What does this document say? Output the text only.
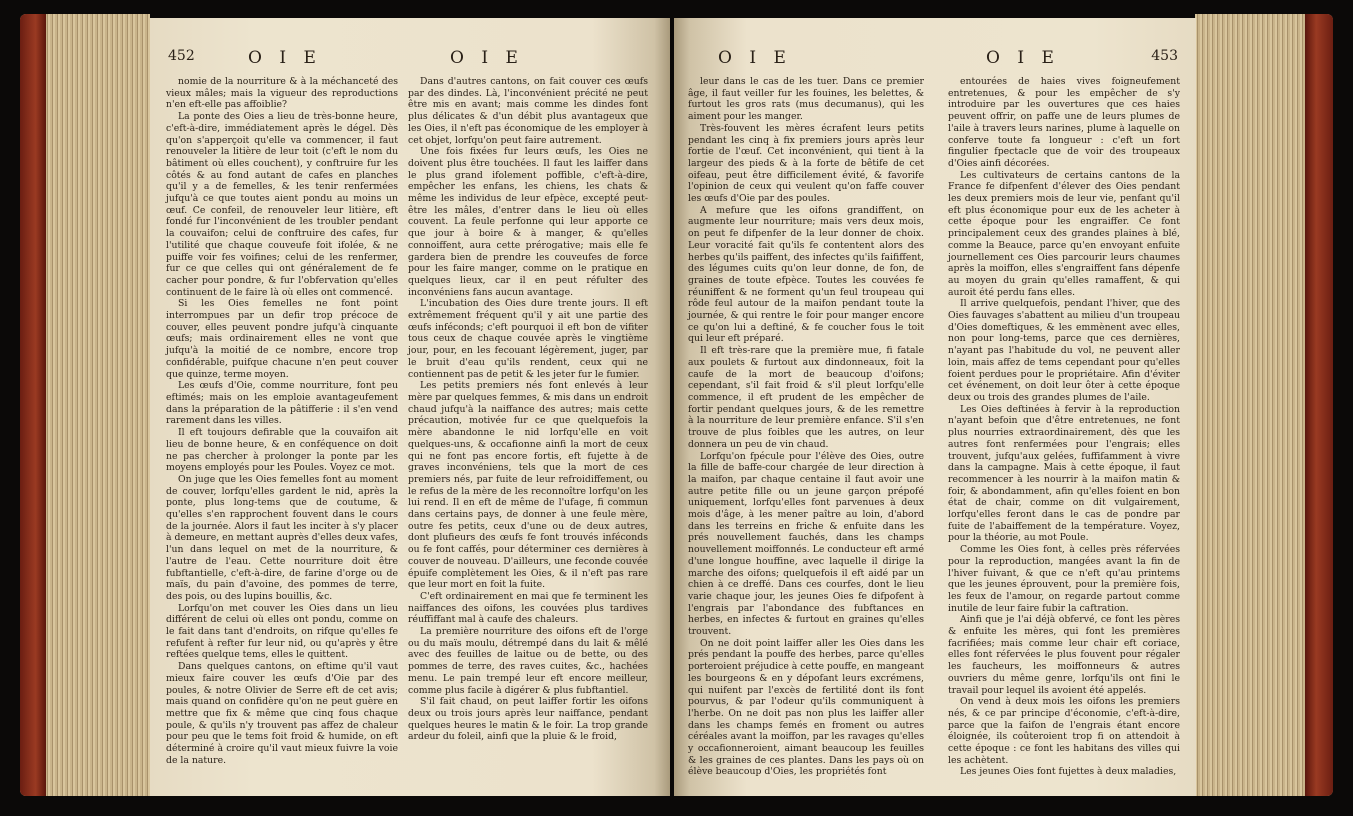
452	O I E	O I E

nomie de la nourriture & à la méchanceté des vieux mâles; mais la vigueur des reproductions n'en eft-elle pas affoiblie?

La ponte des Oies a lieu de très-bonne heure, c'eft-à-dire, immédiatement après le dégel. Dès qu'on s'apperçoit qu'elle va commencer, il faut renouveler la litière de leur toit (c'eft le nom du bâtiment où elles couchent), y conftruire fur les côtés & au fond autant de cafes en planches qu'il y a de femelles, & les tenir renfermées jufqu'à ce que toutes aient pondu au moins un œuf. Ce confeil, de renouveler leur litière, eft fondé fur l'inconvénient de les troubler pendant la couvaifon; celui de conftruire des cafes, fur l'utilité que chaque couveufe foit ifolée, & ne puiffe voir fes voifines; celui de les renfermer, fur ce que celles qui ont généralement de fe cacher pour pondre, & fur l'obfervation qu'elles continuent de le faire là où elles ont commencé.

Si les Oies femelles ne font point interrompues par un defir trop précoce de couver, elles peuvent pondre jufqu'à cinquante œufs; mais ordinairement elles ne vont que jufqu'à la moitié de ce nombre, encore trop confidérable, puifque chacune n'en peut couver que quinze, terme moyen.

Les œufs d'Oie, comme nourriture, font peu eftimés; mais on les emploie avantageufement dans la préparation de la pâtifferie : il s'en vend rarement dans les villes.

Il eft toujours defirable que la couvaifon ait lieu de bonne heure, & en conféquence on doit ne pas chercher à prolonger la ponte par les moyens employés pour les Poules. Voyez ce mot.

On juge que les Oies femelles font au moment de couver, lorfqu'elles gardent le nid, après la ponte, plus long-tems que de coutume, & qu'elles s'en rapprochent fouvent dans le cours de la journée. Alors il faut les inciter à s'y placer à demeure, en mettant auprès d'elles deux vafes, l'un dans lequel on met de la nourriture, & l'autre de l'eau. Cette nourriture doit être fubftantielle, c'eft-à-dire, de farine d'orge ou de maïs, du pain d'avoine, des pommes de terre, des pois, ou des lupins bouillis, &c.

Lorfqu'on met couver les Oies dans un lieu différent de celui où elles ont pondu, comme on le fait dans tant d'endroits, on rifque qu'elles fe refufent à refter fur leur nid, ou qu'après y être reftées quelque tems, elles le quittent.

Dans quelques cantons, on eftime qu'il vaut mieux faire couver les œufs d'Oie par des poules, & notre Olivier de Serre eft de cet avis; mais quand on confidère qu'on ne peut guère en mettre que fix & même que cinq fous chaque poule, & qu'ils n'y trouvent pas affez de chaleur pour peu que le tems foit froid & humide, on eft déterminé à croire qu'il vaut mieux fuivre la voie de la nature.

Dans d'autres cantons, on fait couver ces œufs par des dindes. Là, l'inconvénient précité ne peut être mis en avant; mais comme les dindes font plus délicates & d'un débit plus avantageux que les Oies, il n'eft pas économique de les employer à cet objet, lorfqu'on peut faire autrement.

Une fois fixées fur leurs œufs, les Oies ne doivent plus être touchées. Il faut les laiffer dans le plus grand ifolement poffible, c'eft-à-dire, empêcher les enfans, les chiens, les chats & même les individus de leur efpèce, excepté peut-être les mâles, d'entrer dans le lieu où elles couvent. La feule perfonne qui leur apporte ce que jour à boire & à manger, & qu'elles connoiffent, aura cette prérogative; mais elle fe gardera bien de prendre les couveufes de force pour les faire manger, comme on le pratique en quelques lieux, car il en peut réfulter des inconvéniens fans aucun avantage.

L'incubation des Oies dure trente jours. Il eft extrêmement fréquent qu'il y ait une partie des œufs inféconds; c'eft pourquoi il eft bon de vifiter tous ceux de chaque couvée après le vingtième jour, pour, en les fecouant légèrement, juger, par le bruit d'eau qu'ils rendent, ceux qui ne contiennent pas de petit & les jeter fur le fumier.

Les petits premiers nés font enlevés à leur mère par quelques femmes, & mis dans un endroit chaud jufqu'à la naiffance des autres; mais cette précaution, motivée fur ce que quelquefois la mère abandonne le nid lorfqu'elle en voit quelques-uns, & occafionne ainfi la mort de ceux qui ne font pas encore fortis, eft fujette à de graves inconvéniens, tels que la mort de ces premiers nés, par fuite de leur refroidiffement, ou le refus de la mère de les reconnoître lorfqu'on les lui rend. Il en eft de même de l'ufage, fi commun dans certains pays, de donner à une feule mère, outre fes petits, ceux d'une ou de deux autres, dont plufieurs des œufs fe font trouvés inféconds ou fe font caffés, pour déterminer ces dernières à couver de nouveau. D'ailleurs, une feconde couvée épuife complètement les Oies, & il n'eft pas rare que leur mort en foit la fuite.

C'eft ordinairement en mai que fe terminent les naiffances des oifons, les couvées plus tardives réuffiffant mal à caufe des chaleurs.

La première nourriture des oifons eft de l'orge ou du maïs moulu, détrempé dans du lait & mêlé avec des feuilles de laitue ou de bette, ou des pommes de terre, des raves cuites, &c., hachées menu. Le pain trempé leur eft encore meilleur, comme plus facile à digérer & plus fubftantiel.

S'il fait chaud, on peut laiffer fortir les oifons deux ou trois jours après leur naiffance, pendant quelques heures le matin & le foir. La trop grande ardeur du foleil, ainfi que la pluie & le froid,

O I E	O I E	453

leur dans le cas de les tuer. Dans ce premier âge, il faut veiller fur les fouines, les belettes, & furtout les gros rats (mus decumanus), qui les aiment pour les manger.

Très-fouvent les mères écrafent leurs petits pendant les cinq à fix premiers jours après leur fortie de l'œuf. Cet inconvénient, qui tient à la largeur des pieds & à la forte de bêtife de cet oifeau, peut être difficilement évité, & favorife l'opinion de ceux qui veulent qu'on faffe couver les œufs d'Oie par des poules.

A mefure que les oifons grandiffent, on augmente leur nourriture; mais vers deux mois, on peut fe difpenfer de la leur donner de choix. Leur voracité fait qu'ils fe contentent alors des herbes qu'ils paiffent, des infectes qu'ils faififfent, des légumes cuits qu'on leur donne, de fon, de graines de toute efpèce. Toutes les couvées fe réuniffent & ne forment qu'un feul troupeau qui rôde feul autour de la maifon pendant toute la journée, & qui rentre le foir pour manger encore ce qu'on lui a deftiné, & fe coucher fous le toit qui leur eft préparé.

Il eft très-rare que la première mue, fi fatale aux poulets & furtout aux dindonneaux, foit la caufe de la mort de beaucoup d'oifons; cependant, s'il fait froid & s'il pleut lorfqu'elle commence, il eft prudent de les empêcher de fortir pendant quelques jours, & de les remettre à la nourriture de leur première enfance. S'il s'en trouve de plus foibles que les autres, on leur donnera un peu de vin chaud.

Lorfqu'on fpécule pour l'élève des Oies, outre la fille de baffe-cour chargée de leur direction à la maifon, par chaque centaine il faut avoir une autre petite fille ou un jeune garçon prépofé uniquement, lorfqu'elles font parvenues à deux mois d'âge, à les mener paître au loin, d'abord dans les terreins en friche & enfuite dans les prés nouvellement fauchés, dans les champs nouvellement moiffonnés. Le conducteur eft armé d'une longue houffine, avec laquelle il dirige la marche des oifons; quelquefois il eft aidé par un chien à ce dreffé. Dans ces courfes, dont le lieu varie chaque jour, les jeunes Oies fe difpofent à l'engrais par l'abondance des fubftances en herbes, en infectes & furtout en graines qu'elles trouvent.

On ne doit point laiffer aller les Oies dans les prés pendant la pouffe des herbes, parce qu'elles porteroient préjudice à cette pouffe, en mangeant les bourgeons & en y dépofant leurs excrémens, qui nuifent par l'excès de fertilité dont ils font pourvus, & par l'odeur qu'ils communiquent à l'herbe. On ne doit pas non plus les laiffer aller dans les champs femés en froment ou autres céréales avant la moiffon, par les ravages qu'elles y occafionneroient, aimant beaucoup les feuilles & les graines de ces plantes. Dans les pays où on élève beaucoup d'Oies, les propriétés font

entourées de haies vives foigneufement entretenues, & pour les empêcher de s'y introduire par les ouvertures que ces haies peuvent offrir, on paffe une de leurs plumes de l'aile à travers leurs narines, plume à laquelle on conferve toute fa longueur : c'eft un fort fingulier fpectacle que de voir des troupeaux d'Oies ainfi décorées.

Les cultivateurs de certains cantons de la France fe difpenfent d'élever des Oies pendant les deux premiers mois de leur vie, penfant qu'il eft plus économique pour eux de les acheter à cette époque pour les engraiffer. Ce font principalement ceux des grandes plaines à blé, comme la Beauce, parce qu'en envoyant enfuite journellement ces Oies parcourir leurs chaumes après la moiffon, elles s'engraiffent fans dépenfe au moyen du grain qu'elles ramaffent, & qui auroit été perdu fans elles.

Il arrive quelquefois, pendant l'hiver, que des Oies fauvages s'abattent au milieu d'un troupeau d'Oies domeftiques, & les emmènent avec elles, non pour long-tems, parce que ces dernières, n'ayant pas l'habitude du vol, ne peuvent aller loin, mais affez de tems cependant pour qu'elles foient perdues pour le propriétaire. Afin d'éviter cet événement, on doit leur ôter à cette époque deux ou trois des grandes plumes de l'aile.

Les Oies deftinées à fervir à la reproduction n'ayant befoin que d'être entretenues, ne font plus nourries extraordinairement, dès que les autres font renfermées pour l'engrais; elles trouvent, jufqu'aux gelées, fuffifamment à vivre dans la campagne. Mais à cette époque, il faut recommencer à les nourrir à la maifon matin & foir, & abondamment, afin qu'elles foient en bon état de chair, comme on dit vulgairement, lorfqu'elles feront dans le cas de pondre par fuite de l'abaiffement de la température. Voyez, pour la théorie, au mot Poule.

Comme les Oies font, à celles près réfervées pour la reproduction, mangées avant la fin de l'hiver fuivant, & que ce n'eft qu'au printems que les jeunes éprouvent, pour la première fois, les feux de l'amour, on regarde partout comme inutile de leur faire fubir la caftration.

Ainfi que je l'ai déjà obfervé, ce font les pères & enfuite les mères, qui font les premières facrifiées; mais comme leur chair eft coriace, elles font réfervées le plus fouvent pour régaler les faucheurs, les moiffonneurs & autres ouvriers du même genre, lorfqu'ils ont fini le travail pour lequel ils avoient été appelés.

On vend à deux mois les oifons les premiers nés, & ce par principe d'économie, c'eft-à-dire, parce que la faifon de l'engrais étant encore éloignée, ils coûteroient trop fi on attendoit à cette époque : ce font les habitans des villes qui les achètent.

Les jeunes Oies font fujettes à deux maladies,
